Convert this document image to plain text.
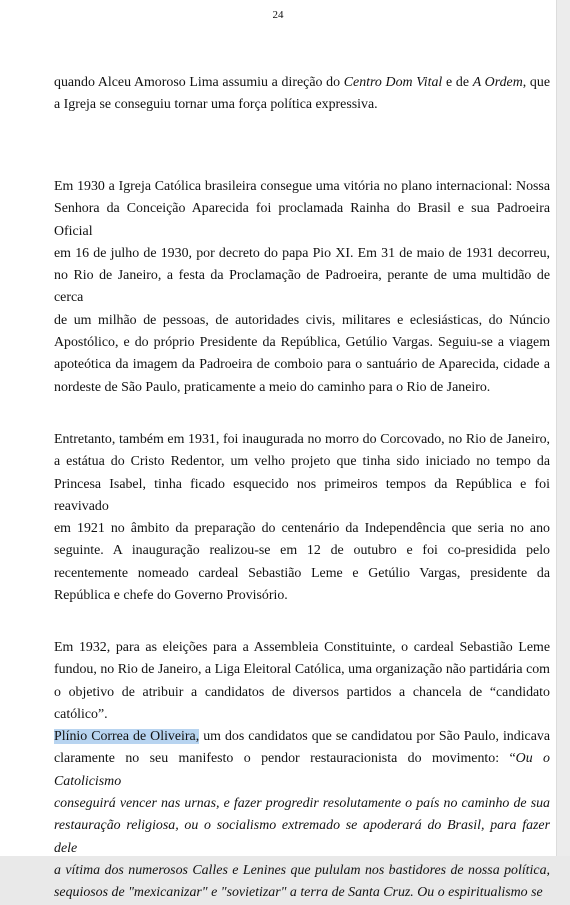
24

quando Alceu Amoroso Lima assumiu a direção do Centro Dom Vital e de A Ordem, que
a Igreja se conseguiu tornar uma força política expressiva.

Em 1930 a Igreja Católica brasileira consegue uma vitória no plano internacional: Nossa
Senhora da Conceição Aparecida foi proclamada Rainha do Brasil e sua Padroeira Oficial
em 16 de julho de 1930, por decreto do papa Pio XI. Em 31 de maio de 1931 decorreu,
no Rio de Janeiro, a festa da Proclamação de Padroeira, perante de uma multidão de cerca
de um milhão de pessoas, de autoridades civis, militares e eclesiásticas, do Núncio
Apostólico, e do próprio Presidente da República, Getúlio Vargas. Seguiu-se a viagem
apoteótica da imagem da Padroeira de comboio para o santuário de Aparecida, cidade a
nordeste de São Paulo, praticamente a meio do caminho para o Rio de Janeiro.

Entretanto, também em 1931, foi inaugurada no morro do Corcovado, no Rio de Janeiro,
a estátua do Cristo Redentor, um velho projeto que tinha sido iniciado no tempo da
Princesa Isabel, tinha ficado esquecido nos primeiros tempos da República e foi reavivado
em 1921 no âmbito da preparação do centenário da Independência que seria no ano
seguinte. A inauguração realizou-se em 12 de outubro e foi co-presidida pelo
recentemente nomeado cardeal Sebastião Leme e Getúlio Vargas, presidente da
República e chefe do Governo Provisório.

Em 1932, para as eleições para a Assembleia Constituinte, o cardeal Sebastião Leme
fundou, no Rio de Janeiro, a Liga Eleitoral Católica, uma organização não partidária com
o objetivo de atribuir a candidatos de diversos partidos a chancela de “candidato católico”.
Plínio Correa de Oliveira, um dos candidatos que se candidatou por São Paulo, indicava
claramente no seu manifesto o pendor restauracionista do movimento: “Ou o Catolicismo
conseguirá vencer nas urnas, e fazer progredir resolutamente o país no caminho de sua
restauração religiosa, ou o socialismo extremado se apoderará do Brasil, para fazer dele
a vítima dos numerosos Calles e Lenines que pululam nos bastidores de nossa política,
sequiosos de "mexicanizar" e "sovietizar" a terra de Santa Cruz. Ou o espiritualismo se
